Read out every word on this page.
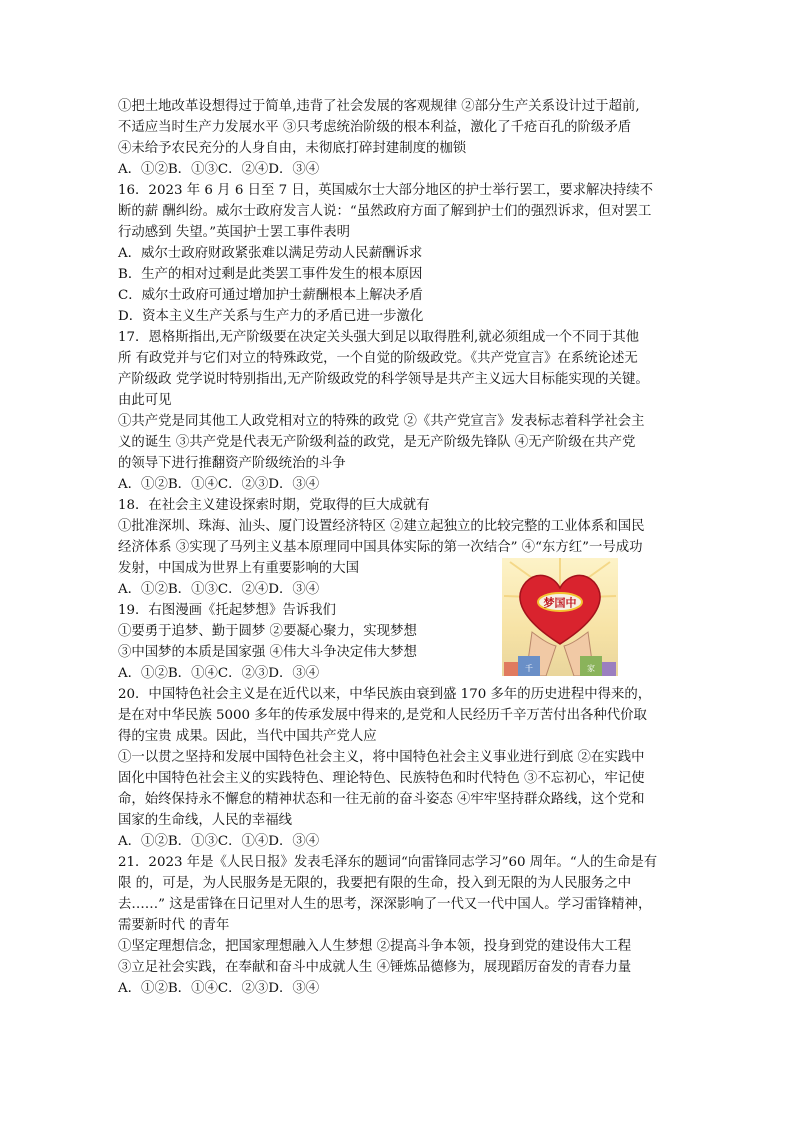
①把土地改革设想得过于简单,违背了社会发展的客观规律 ②部分生产关系设计过于超前,
不适应当时生产力发展水平 ③只考虑统治阶级的根本利益，激化了千疮百孔的阶级矛盾
④未给予农民充分的人身自由，未彻底打碎封建制度的枷锁
A．①②B．①③C．②④D．③④
16．2023 年 6 月 6 日至 7 日，英国威尔士大部分地区的护士举行罢工，要求解决持续不
断的薪 酬纠纷。威尔士政府发言人说：“虽然政府方面了解到护士们的强烈诉求，但对罢工
行动感到 失望。”英国护士罢工事件表明
A．威尔士政府财政紧张难以满足劳动人民薪酬诉求
B．生产的相对过剩是此类罢工事件发生的根本原因
C．威尔士政府可通过增加护士薪酬根本上解决矛盾
D．资本主义生产关系与生产力的矛盾已进一步激化
17．恩格斯指出,无产阶级要在决定关头强大到足以取得胜利,就必须组成一个不同于其他
所 有政党并与它们对立的特殊政党，一个自觉的阶级政党。《共产党宣言》在系统论述无
产阶级政 党学说时特别指出,无产阶级政党的科学领导是共产主义远大目标能实现的关键。
由此可见
①共产党是同其他工人政党相对立的特殊的政党 ②《共产党宣言》发表标志着科学社会主
义的诞生 ③共产党是代表无产阶级利益的政党，是无产阶级先锋队 ④无产阶级在共产党
的领导下进行推翻资产阶级统治的斗争
A．①②B．①④C．②③D．③④
18．在社会主义建设探索时期，党取得的巨大成就有
①批准深圳、珠海、汕头、厦门设置经济特区 ②建立起独立的比较完整的工业体系和国民
经济体系 ③实现了马列主义基本原理同中国具体实际的第一次结合” ④“东方红”一号成功
发射，中国成为世界上有重要影响的大国
A．①②B．①③C．②④D．③④
19．右图漫画《托起梦想》告诉我们
①要勇于追梦、勤于圆梦 ②要凝心聚力，实现梦想
③中国梦的本质是国家强 ④伟大斗争决定伟大梦想
A．①②B．①④C．②③D．③④
20．中国特色社会主义是在近代以来，中华民族由衰到盛 170 多年的历史进程中得来的，
是在对中华民族 5000 多年的传承发展中得来的,是党和人民经历千辛万苦付出各种代价取
得的宝贵 成果。因此，当代中国共产党人应
①一以贯之坚持和发展中国特色社会主义，将中国特色社会主义事业进行到底 ②在实践中
固化中国特色社会主义的实践特色、理论特色、民族特色和时代特色 ③不忘初心，牢记使
命，始终保持永不懈怠的精神状态和一往无前的奋斗姿态 ④牢牢坚持群众路线，这个党和
国家的生命线，人民的幸福线
A．①②B．①③C．①④D．③④
21．2023 年是《人民日报》发表毛泽东的题词“向雷锋同志学习”60 周年。“人的生命是有
限 的，可是，为人民服务是无限的，我要把有限的生命，投入到无限的为人民服务之中
去……” 这是雷锋在日记里对人生的思考，深深影响了一代又一代中国人。学习雷锋精神，
需要新时代 的青年
①坚定理想信念，把国家理想融入人生梦想 ②提高斗争本领，投身到党的建设伟大工程
③立足社会实践，在奉献和奋斗中成就人生 ④锤炼品德修为，展现蹈厉奋发的青春力量
A．①②B．①④C．②③D．③④
梦国中
千	家
